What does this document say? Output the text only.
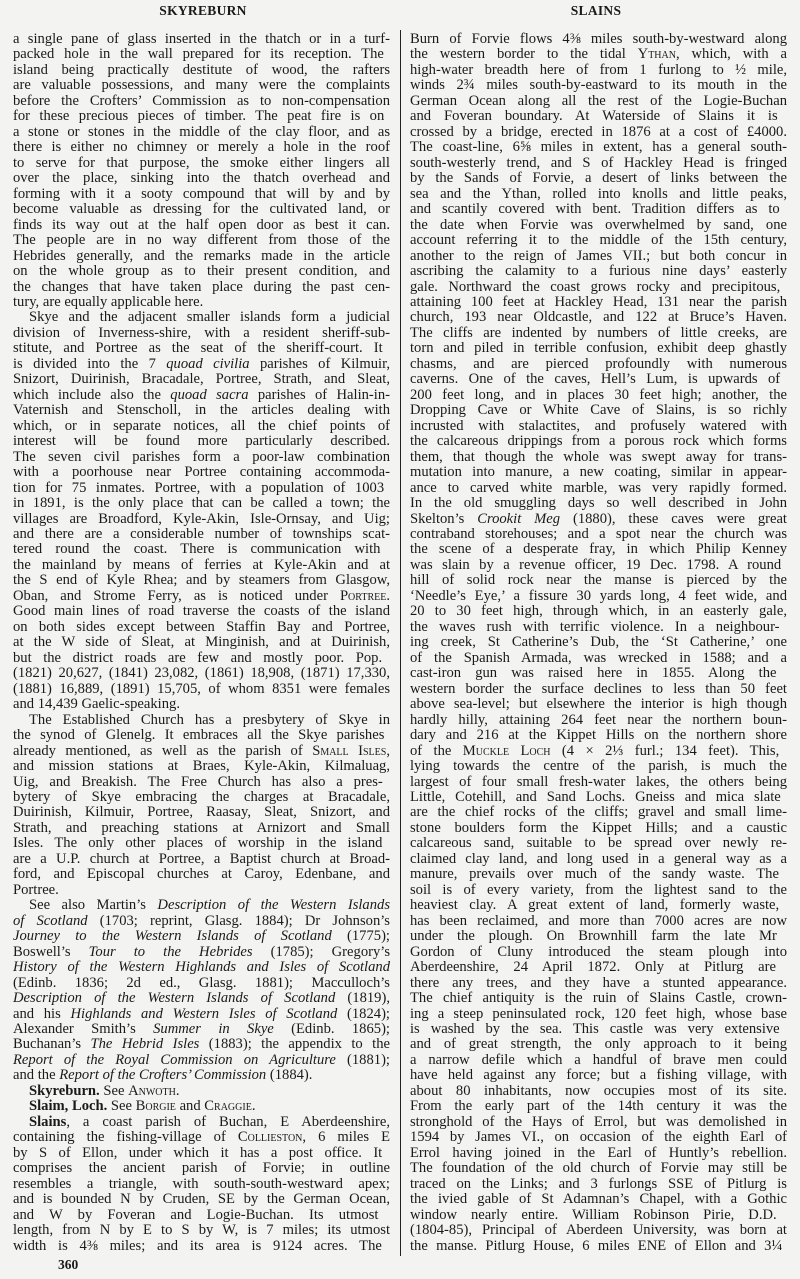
SKYREBURN	SLAINS
a single pane of glass inserted in the thatch or in a turf-
packed hole in the wall prepared for its reception. The
island being practically destitute of wood, the rafters
are valuable possessions, and many were the complaints
before the Crofters’ Commission as to non-compensation
for these precious pieces of timber. The peat fire is on
a stone or stones in the middle of the clay floor, and as
there is either no chimney or merely a hole in the roof
to serve for that purpose, the smoke either lingers all
over the place, sinking into the thatch overhead and
forming with it a sooty compound that will by and by
become valuable as dressing for the cultivated land, or
finds its way out at the half open door as best it can.
The people are in no way different from those of the
Hebrides generally, and the remarks made in the article
on the whole group as to their present condition, and
the changes that have taken place during the past cen-
tury, are equally applicable here.
Skye and the adjacent smaller islands form a judicial
division of Inverness-shire, with a resident sheriff-sub-
stitute, and Portree as the seat of the sheriff-court. It
is divided into the 7 quoad civilia parishes of Kilmuir,
Snizort, Duirinish, Bracadale, Portree, Strath, and Sleat,
which include also the quoad sacra parishes of Halin-in-
Vaternish and Stenscholl, in the articles dealing with
which, or in separate notices, all the chief points of
interest will be found more particularly described.
The seven civil parishes form a poor-law combination
with a poorhouse near Portree containing accommoda-
tion for 75 inmates. Portree, with a population of 1003
in 1891, is the only place that can be called a town; the
villages are Broadford, Kyle-Akin, Isle-Ornsay, and Uig;
and there are a considerable number of townships scat-
tered round the coast. There is communication with
the mainland by means of ferries at Kyle-Akin and at
the S end of Kyle Rhea; and by steamers from Glasgow,
Oban, and Strome Ferry, as is noticed under Portree.
Good main lines of road traverse the coasts of the island
on both sides except between Staffin Bay and Portree,
at the W side of Sleat, at Minginish, and at Duirinish,
but the district roads are few and mostly poor. Pop.
(1821) 20,627, (1841) 23,082, (1861) 18,908, (1871) 17,330,
(1881) 16,889, (1891) 15,705, of whom 8351 were females
and 14,439 Gaelic-speaking.
The Established Church has a presbytery of Skye in
the synod of Glenelg. It embraces all the Skye parishes
already mentioned, as well as the parish of Small Isles,
and mission stations at Braes, Kyle-Akin, Kilmaluag,
Uig, and Breakish. The Free Church has also a pres-
bytery of Skye embracing the charges at Bracadale,
Duirinish, Kilmuir, Portree, Raasay, Sleat, Snizort, and
Strath, and preaching stations at Arnizort and Small
Isles. The only other places of worship in the island
are a U.P. church at Portree, a Baptist church at Broad-
ford, and Episcopal churches at Caroy, Edenbane, and
Portree.
See also Martin’s Description of the Western Islands
of Scotland (1703; reprint, Glasg. 1884); Dr Johnson’s
Journey to the Western Islands of Scotland (1775);
Boswell’s Tour to the Hebrides (1785); Gregory’s
History of the Western Highlands and Isles of Scotland
(Edinb. 1836; 2d ed., Glasg. 1881); Macculloch’s
Description of the Western Islands of Scotland (1819),
and his Highlands and Western Isles of Scotland (1824);
Alexander Smith’s Summer in Skye (Edinb. 1865);
Buchanan’s The Hebrid Isles (1883); the appendix to the
Report of the Royal Commission on Agriculture (1881);
and the Report of the Crofters’ Commission (1884).
Skyreburn. See Anwoth.
Slaim, Loch. See Borgie and Craggie.
Slains, a coast parish of Buchan, E Aberdeenshire,
containing the fishing-village of Collieston, 6 miles E
by S of Ellon, under which it has a post office. It
comprises the ancient parish of Forvie; in outline
resembles a triangle, with south-south-westward apex;
and is bounded N by Cruden, SE by the German Ocean,
and W by Foveran and Logie-Buchan. Its utmost
length, from N by E to S by W, is 7 miles; its utmost
width is 4⅜ miles; and its area is 9124 acres. The
Burn of Forvie flows 4⅜ miles south-by-westward along
the western border to the tidal Ythan, which, with a
high-water breadth here of from 1 furlong to ½ mile,
winds 2¾ miles south-by-eastward to its mouth in the
German Ocean along all the rest of the Logie-Buchan
and Foveran boundary. At Waterside of Slains it is
crossed by a bridge, erected in 1876 at a cost of £4000.
The coast-line, 6⅝ miles in extent, has a general south-
south-westerly trend, and S of Hackley Head is fringed
by the Sands of Forvie, a desert of links between the
sea and the Ythan, rolled into knolls and little peaks,
and scantily covered with bent. Tradition differs as to
the date when Forvie was overwhelmed by sand, one
account referring it to the middle of the 15th century,
another to the reign of James VII.; but both concur in
ascribing the calamity to a furious nine days’ easterly
gale. Northward the coast grows rocky and precipitous,
attaining 100 feet at Hackley Head, 131 near the parish
church, 193 near Oldcastle, and 122 at Bruce’s Haven.
The cliffs are indented by numbers of little creeks, are
torn and piled in terrible confusion, exhibit deep ghastly
chasms, and are pierced profoundly with numerous
caverns. One of the caves, Hell’s Lum, is upwards of
200 feet long, and in places 30 feet high; another, the
Dropping Cave or White Cave of Slains, is so richly
incrusted with stalactites, and profusely watered with
the calcareous drippings from a porous rock which forms
them, that though the whole was swept away for trans-
mutation into manure, a new coating, similar in appear-
ance to carved white marble, was very rapidly formed.
In the old smuggling days so well described in John
Skelton’s Crookit Meg (1880), these caves were great
contraband storehouses; and a spot near the church was
the scene of a desperate fray, in which Philip Kenney
was slain by a revenue officer, 19 Dec. 1798. A round
hill of solid rock near the manse is pierced by the
‘Needle’s Eye,’ a fissure 30 yards long, 4 feet wide, and
20 to 30 feet high, through which, in an easterly gale,
the waves rush with terrific violence. In a neighbour-
ing creek, St Catherine’s Dub, the ‘St Catherine,’ one
of the Spanish Armada, was wrecked in 1588; and a
cast-iron gun was raised here in 1855. Along the
western border the surface declines to less than 50 feet
above sea-level; but elsewhere the interior is high though
hardly hilly, attaining 264 feet near the northern boun-
dary and 216 at the Kippet Hills on the northern shore
of the Muckle Loch (4 × 2⅓ furl.; 134 feet). This,
lying towards the centre of the parish, is much the
largest of four small fresh-water lakes, the others being
Little, Cotehill, and Sand Lochs. Gneiss and mica slate
are the chief rocks of the cliffs; gravel and small lime-
stone boulders form the Kippet Hills; and a caustic
calcareous sand, suitable to be spread over newly re-
claimed clay land, and long used in a general way as a
manure, prevails over much of the sandy waste. The
soil is of every variety, from the lightest sand to the
heaviest clay. A great extent of land, formerly waste,
has been reclaimed, and more than 7000 acres are now
under the plough. On Brownhill farm the late Mr
Gordon of Cluny introduced the steam plough into
Aberdeenshire, 24 April 1872. Only at Pitlurg are
there any trees, and they have a stunted appearance.
The chief antiquity is the ruin of Slains Castle, crown-
ing a steep peninsulated rock, 120 feet high, whose base
is washed by the sea. This castle was very extensive
and of great strength, the only approach to it being
a narrow defile which a handful of brave men could
have held against any force; but a fishing village, with
about 80 inhabitants, now occupies most of its site.
From the early part of the 14th century it was the
stronghold of the Hays of Errol, but was demolished in
1594 by James VI., on occasion of the eighth Earl of
Errol having joined in the Earl of Huntly’s rebellion.
The foundation of the old church of Forvie may still be
traced on the Links; and 3 furlongs SSE of Pitlurg is
the ivied gable of St Adamnan’s Chapel, with a Gothic
window nearly entire. William Robinson Pirie, D.D.
(1804-85), Principal of Aberdeen University, was born at
the manse. Pitlurg House, 6 miles ENE of Ellon and 3¼
360
